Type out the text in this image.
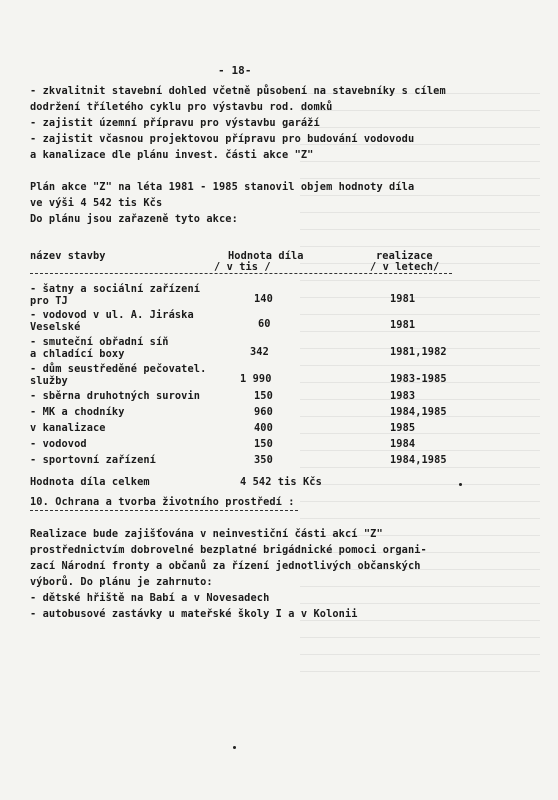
- 18-
- zkvalitnit stavební dohled včetně působení na stavebníky s cílem
dodržení tříletého cyklu pro výstavbu rod. domků
- zajistit územní přípravu pro výstavbu garáží
- zajistit včasnou projektovou přípravu pro budování vodovodu
a kanalizace dle plánu invest. části akce "Z"
Plán akce "Z" na léta 1981 - 1985 stanovil objem hodnoty díla
ve výši 4 542 tis Kčs
Do plánu jsou zařazeně tyto akce:
název stavby	Hodnota díla	realizace
/ v tis /	/ v letech/
- šatny a sociální zařízení
pro TJ	140	1981
- vodovod v ul. A. Jiráska
Veselské	60	1981
- smuteční obřadní síň
a chladící boxy	342	1981,1982
- dům seustředěné pečovatel.
služby	1 990	1983-1985
- sběrna druhotných surovin	150	1983
- MK a chodníky	960	1984,1985
v kanalizace	400	1985
- vodovod	150	1984
- sportovní zařízení	350	1984,1985
Hodnota díla celkem	4 542 tis Kčs
10. Ochrana a tvorba životního prostředí :
Realizace bude zajišťována v neinvestiční části akcí "Z"
prostřednictvím dobrovelné bezplatné brigádnické pomoci organi-
zací Národní fronty a občanů za řízení jednotlivých občanských
výborů. Do plánu je zahrnuto:
- dětské hřiště na Babí a v Novesadech
- autobusové zastávky u mateřské školy I a v Kolonii
